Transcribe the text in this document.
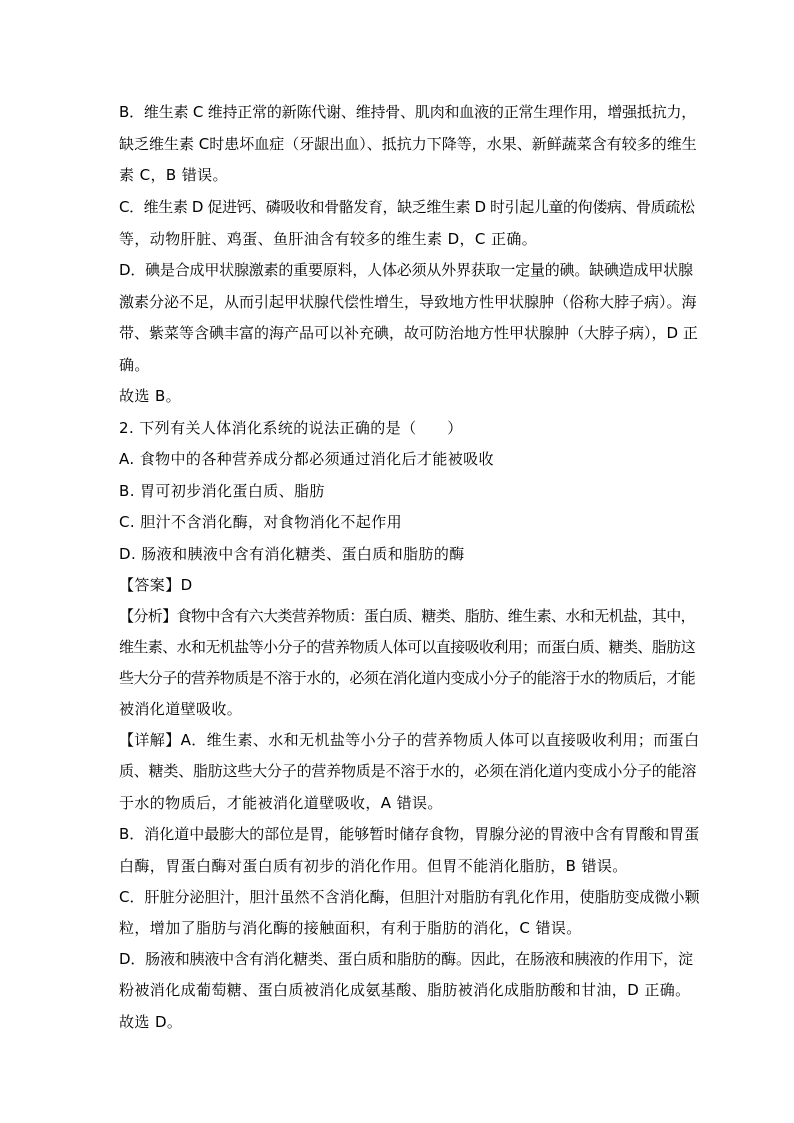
B．维生素 C 维持正常的新陈代谢、维持骨、肌肉和血液的正常生理作用，增强抵抗力，
缺乏维生素 C时患坏血症（牙龈出血）、抵抗力下降等，水果、新鲜蔬菜含有较多的维生
素 C，B 错误。
C．维生素 D 促进钙、磷吸收和骨骼发育，缺乏维生素 D 时引起儿童的佝偻病、骨质疏松
等，动物肝脏、鸡蛋、鱼肝油含有较多的维生素 D，C 正确。
D．碘是合成甲状腺激素的重要原料，人体必须从外界获取一定量的碘。缺碘造成甲状腺
激素分泌不足，从而引起甲状腺代偿性增生，导致地方性甲状腺肿（俗称大脖子病）。海
带、紫菜等含碘丰富的海产品可以补充碘，故可防治地方性甲状腺肿（大脖子病），D 正
确。
故选 B。
2. 下列有关人体消化系统的说法正确的是（　　）
A. 食物中的各种营养成分都必须通过消化后才能被吸收
B. 胃可初步消化蛋白质、脂肪
C. 胆汁不含消化酶，对食物消化不起作用
D. 肠液和胰液中含有消化糖类、蛋白质和脂肪的酶
【答案】D
【分析】食物中含有六大类营养物质：蛋白质、糖类、脂肪、维生素、水和无机盐，其中，
维生素、水和无机盐等小分子的营养物质人体可以直接吸收利用；而蛋白质、糖类、脂肪这
些大分子的营养物质是不溶于水的，必须在消化道内变成小分子的能溶于水的物质后，才能
被消化道壁吸收。
【详解】A．维生素、水和无机盐等小分子的营养物质人体可以直接吸收利用；而蛋白
质、糖类、脂肪这些大分子的营养物质是不溶于水的，必须在消化道内变成小分子的能溶
于水的物质后，才能被消化道壁吸收，A 错误。
B．消化道中最膨大的部位是胃，能够暂时储存食物，胃腺分泌的胃液中含有胃酸和胃蛋
白酶，胃蛋白酶对蛋白质有初步的消化作用。但胃不能消化脂肪，B 错误。
C．肝脏分泌胆汁，胆汁虽然不含消化酶，但胆汁对脂肪有乳化作用，使脂肪变成微小颗
粒，增加了脂肪与消化酶的接触面积，有利于脂肪的消化，C 错误。
D．肠液和胰液中含有消化糖类、蛋白质和脂肪的酶。因此，在肠液和胰液的作用下，淀
粉被消化成葡萄糖、蛋白质被消化成氨基酸、脂肪被消化成脂肪酸和甘油，D 正确。
故选 D。
